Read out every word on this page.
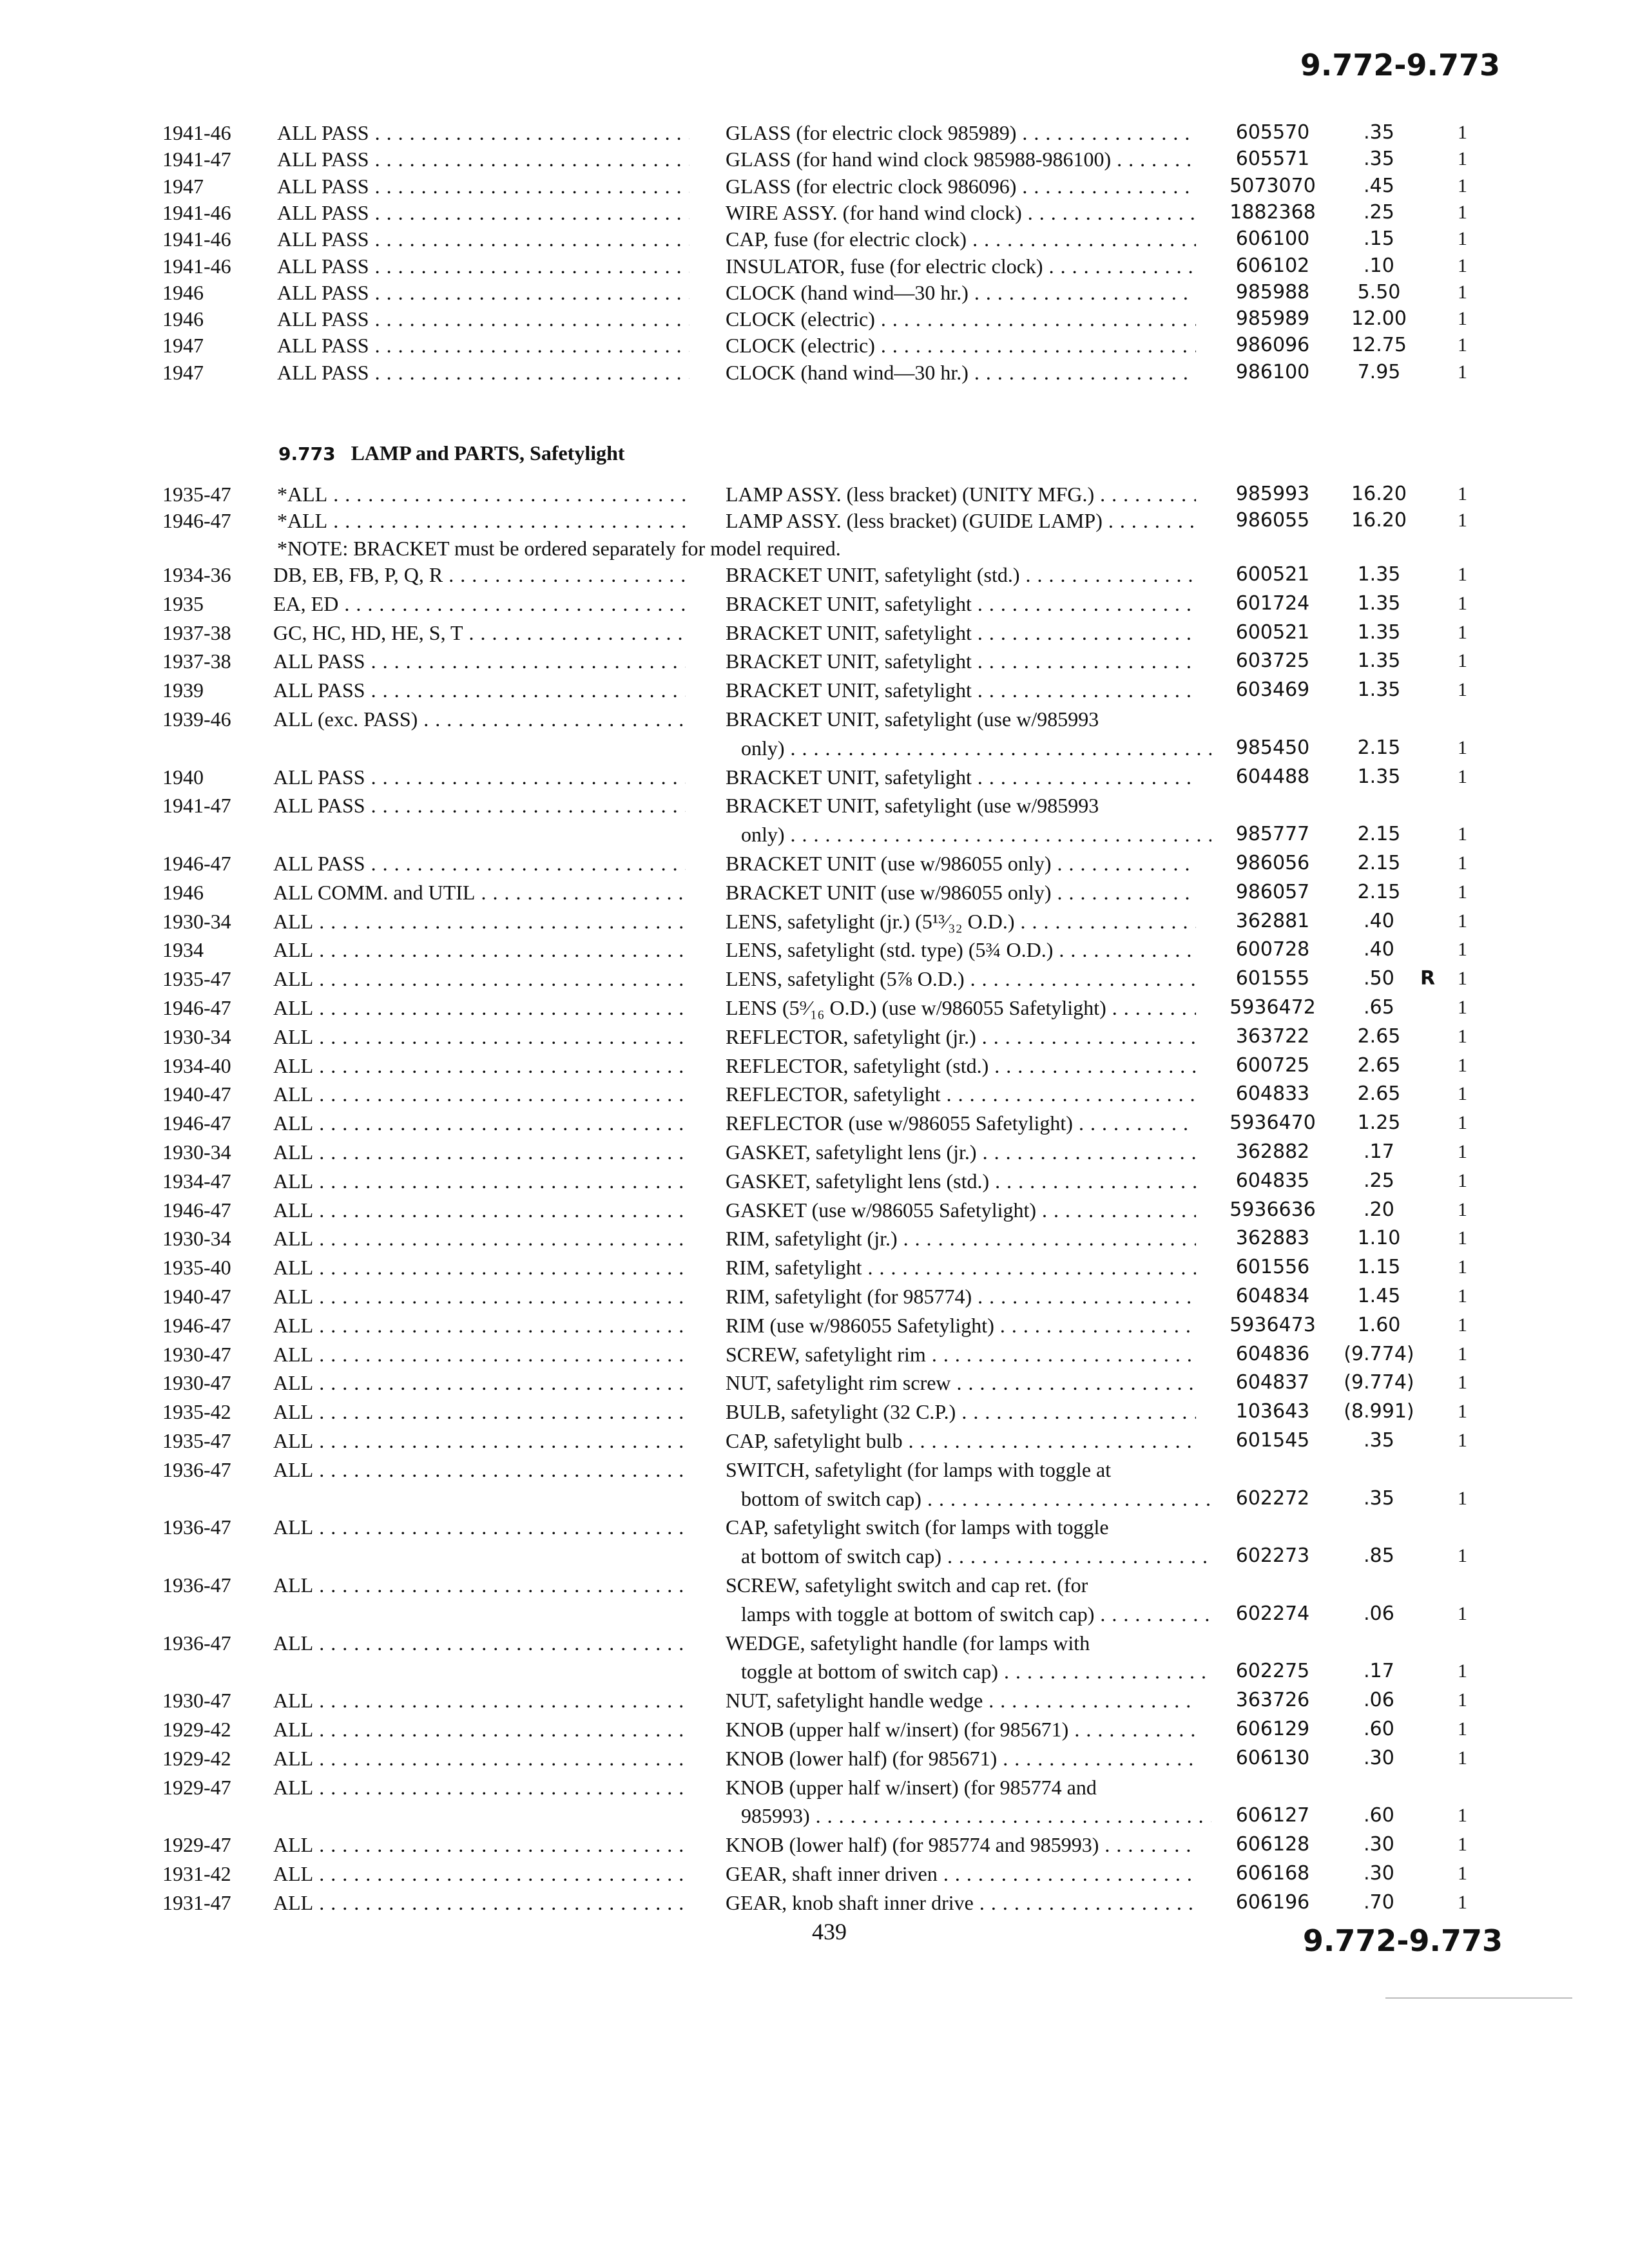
9.772-9.773
1941-46 ALL PASS . . .	GLASS (for electric clock 985989) . . .	605570	.35	1
1941-47 ALL PASS . . .	GLASS (for hand wind clock 985988-986100) . . .	605571	.35	1
1947	ALL PASS . . .	GLASS (for electric clock 986096) . . .	5073070	.45	1
1941-46 ALL PASS . . .	WIRE ASSY. (for hand wind clock) . . .	1882368	.25	1
1941-46 ALL PASS . . .	CAP, fuse (for electric clock) . . .	606100	.15	1
1941-46 ALL PASS . . .	INSULATOR, fuse (for electric clock) . . .	606102	.10	1
1946	ALL PASS . . .	CLOCK (hand wind—30 hr.) . . .	985988	5.50	1
1946	ALL PASS . . .	CLOCK (electric) . . .	985989	12.00	1
1947	ALL PASS . . .	CLOCK (electric) . . .	986096	12.75	1
1947	ALL PASS . . .	CLOCK (hand wind—30 hr.) . . .	986100	7.95	1
9.773 LAMP and PARTS, Safetylight
1935-47 *ALL . . .	LAMP ASSY. (less bracket) (UNITY MFG.) . . .	985993	16.20	1
1946-47 *ALL . . .	LAMP ASSY. (less bracket) (GUIDE LAMP) . . .	986055	16.20	1
*NOTE: BRACKET must be ordered separately for model required.
1934-36 DB, EB, FB, P, Q, R . . .	BRACKET UNIT, safetylight (std.) . . .	600521	1.35	1
1935	EA, ED . . .	BRACKET UNIT, safetylight . . .	601724	1.35	1
1937-38 GC, HC, HD, HE, S, T . . .	BRACKET UNIT, safetylight . . .	600521	1.35	1
1937-38 ALL PASS . . .	BRACKET UNIT, safetylight . . .	603725	1.35	1
1939	ALL PASS . . .	BRACKET UNIT, safetylight . . .	603469	1.35	1
1939-46 ALL (exc. PASS) . . .	BRACKET UNIT, safetylight (use w/985993
only) . . .	985450	2.15	1
1940	ALL PASS . . .	BRACKET UNIT, safetylight . . .	604488	1.35	1
1941-47 ALL PASS . . .	BRACKET UNIT, safetylight (use w/985993
only) . . .	985777	2.15	1
1946-47 ALL PASS . . .	BRACKET UNIT (use w/986055 only) . . .	986056	2.15	1
1946	ALL COMM. and UTIL . . .	BRACKET UNIT (use w/986055 only) . . .	986057	2.15	1
1930-34 ALL . . .	LENS, safetylight (jr.) (5¹³⁄₃₂ O.D.) . . .	362881	.40	1
1934	ALL . . .	LENS, safetylight (std. type) (5¾ O.D.) . . .	600728	.40	1
1935-47 ALL . . .	LENS, safetylight (5⅞ O.D.) . . .	601555	.50	R 1
1946-47 ALL . . .	LENS (5⁹⁄₁₆ O.D.) (use w/986055 Safetylight) . . .	5936472	.65	1
1930-34 ALL . . .	REFLECTOR, safetylight (jr.) . . .	363722	2.65	1
1934-40 ALL . . .	REFLECTOR, safetylight (std.) . . .	600725	2.65	1
1940-47 ALL . . .	REFLECTOR, safetylight . . .	604833	2.65	1
1946-47 ALL . . .	REFLECTOR (use w/986055 Safetylight) . . .	5936470	1.25	1
1930-34 ALL . . .	GASKET, safetylight lens (jr.) . . .	362882	.17	1
1934-47 ALL . . .	GASKET, safetylight lens (std.) . . .	604835	.25	1
1946-47 ALL . . .	GASKET (use w/986055 Safetylight) . . .	5936636	.20	1
1930-34 ALL . . .	RIM, safetylight (jr.) . . .	362883	1.10	1
1935-40 ALL . . .	RIM, safetylight . . .	601556	1.15	1
1940-47 ALL . . .	RIM, safetylight (for 985774) . . .	604834	1.45	1
1946-47 ALL . . .	RIM (use w/986055 Safetylight) . . .	5936473	1.60	1
1930-47 ALL . . .	SCREW, safetylight rim . . .	604836	(9.774)	1
1930-47 ALL . . .	NUT, safetylight rim screw . . .	604837	(9.774)	1
1935-42 ALL . . .	BULB, safetylight (32 C.P.) . . .	103643	(8.991)	1
1935-47 ALL . . .	CAP, safetylight bulb . . .	601545	.35	1
1936-47 ALL . . .	SWITCH, safetylight (for lamps with toggle at
bottom of switch cap) . . .	602272	.35	1
1936-47 ALL . . .	CAP, safetylight switch (for lamps with toggle
at bottom of switch cap) . . .	602273	.85	1
1936-47 ALL . . .	SCREW, safetylight switch and cap ret. (for
lamps with toggle at bottom of switch cap) . . .	602274	.06	1
1936-47 ALL . . .	WEDGE, safetylight handle (for lamps with
toggle at bottom of switch cap) . . .	602275	.17	1
1930-47 ALL . . .	NUT, safetylight handle wedge . . .	363726	.06	1
1929-42 ALL . . .	KNOB (upper half w/insert) (for 985671) . . .	606129	.60	1
1929-42 ALL . . .	KNOB (lower half) (for 985671) . . .	606130	.30	1
1929-47 ALL . . .	KNOB (upper half w/insert) (for 985774 and
985993) . . .	606127	.60	1
1929-47 ALL . . .	KNOB (lower half) (for 985774 and 985993) . . .	606128	.30	1
1931-42 ALL . . .	GEAR, shaft inner driven . . .	606168	.30	1
1931-47 ALL . . .	GEAR, knob shaft inner drive . . .	606196	.70	1
439	9.772-9.773
